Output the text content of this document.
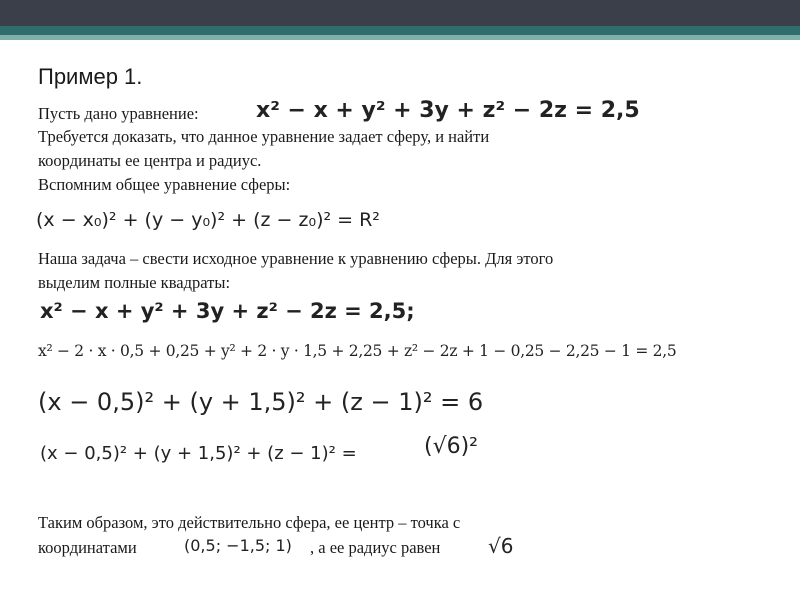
Пример 1.
Пусть дано уравнение:	x² − x + y² + 3y + z² − 2z = 2,5
Требуется доказать, что данное уравнение задает сферу, и найти
координаты ее центра и радиус.
Вспомним общее уравнение сферы:
(x − x₀)² + (y − y₀)² + (z − z₀)² = R²
Наша задача – свести исходное уравнение к уравнению сферы. Для этого
выделим полные квадраты:
x² − x + y² + 3y + z² − 2z = 2,5;
x² − 2 · x · 0,5 + 0,25 + y² + 2 · y · 1,5 + 2,25 + z² − 2z + 1 − 0,25 − 2,25 − 1 = 2,5
(x − 0,5)² + (y + 1,5)² + (z − 1)² = 6
(x − 0,5)² + (y + 1,5)² + (z − 1)² =	(√6)²
Таким образом, это действительно сфера, ее центр – точка с
координатами	(0,5; −1,5; 1) , а ее радиус равен √6
